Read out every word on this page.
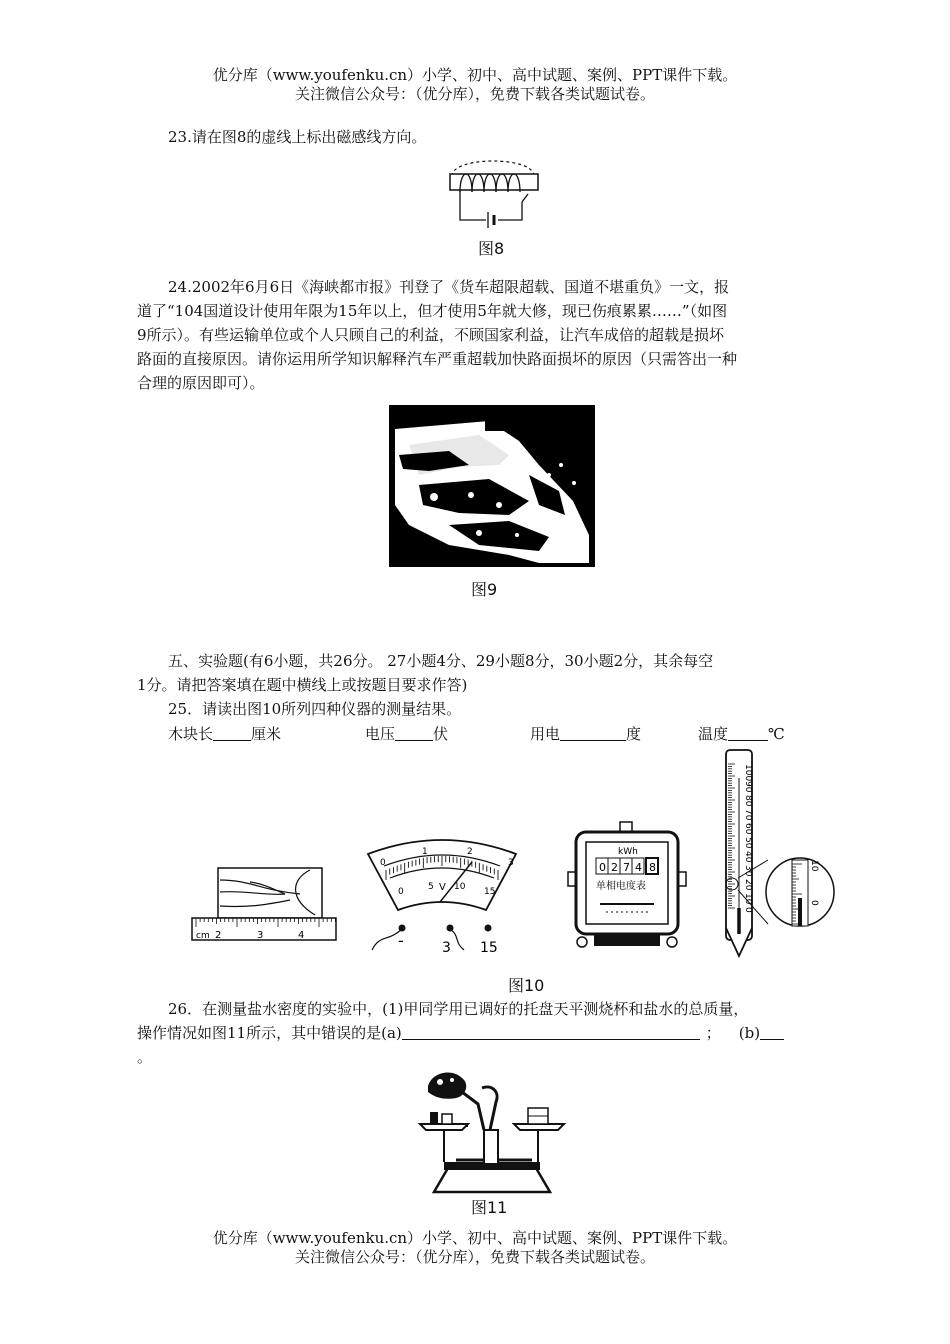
优分库（www.youfenku.cn）小学、初中、高中试题、案例、PPT课件下载。
关注微信公众号：（优分库），免费下载各类试题试卷。
23.请在图8的虚线上标出磁感线方向。
图8
24.2002年6月6日《海峡都市报》刊登了《货车超限超载、国道不堪重负》一文，报
道了“104国道设计使用年限为15年以上，但才使用5年就大修，现已伤痕累累……”（如图
9所示）。有些运输单位或个人只顾自己的利益，不顾国家利益，让汽车成倍的超载是损坏
路面的直接原因。请你运用所学知识解释汽车严重超载加快路面损坏的原因（只需答出一种
合理的原因即可）。
图9
五、实验题(有6小题，共26分。 27小题4分、29小题8分，30小题2分，其余每空
1分。请把答案填在题中横线上或按题目要求作答)
25．请读出图10所列四种仪器的测量结果。
木块长	厘米	电压	伏	用电	度	温度	℃
cm 2	3	4
0
1	2
3
0	5 10 15
V
-	3 15
kWh
0 2 7 4 8
单相电度表
100
90
80
70
60
50
40
30
20
10
0
10
0
图10
26．在测量盐水密度的实验中，(1)甲同学用已调好的托盘天平测烧杯和盐水的总质量，
操作情况如图11所示，其中错误的是(a)	； (b)
。
图11
优分库（www.youfenku.cn）小学、初中、高中试题、案例、PPT课件下载。
关注微信公众号：（优分库），免费下载各类试题试卷。
